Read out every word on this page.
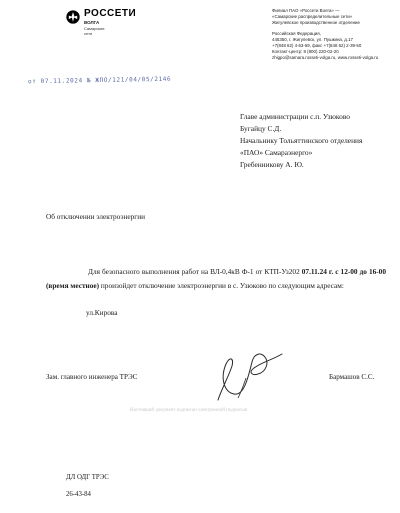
РОССЕТИ
ВОЛГА
Самарские сети
Филиал ПАО «Россети Волга» —
«Самарские распределительные сети»
Жигулевское производственное отделение
Российская Федерация,
445350, г. Жигулевск, ул. Пушкина, д.17
+7(848 62) 4-63-59, факс +7(848 62) 2-39-50
Контакт-центр: 8 (800) 220-02-20
zhigpo@samara.rosseti-volga.ru, www.rosseti-volga.ru
от 07.11.2024 № ЖПО/121/04/05/2146
Главе администрации с.п. Узюково
Бугайцу С.Д.
Начальнику Тольяттинского отделения
«ПАО» Самараэнерго»
Гребенникову А. Ю.
Об отключении электроэнергии
Для безопасного выполнения работ на ВЛ-0,4кВ Ф-1 от КТП-Уз202 07.11.24 г. с 12-00 до 16-00 (время местное) произойдет отключение электроэнергии в с. Узюково по следующим адресам:
ул.Кирова
Зам. главного инженера ТРЭС	Бармашов С.С.
Настоящий документ подписан электронной подписью
ДЛ ОДГ ТРЭС
26-43-84
